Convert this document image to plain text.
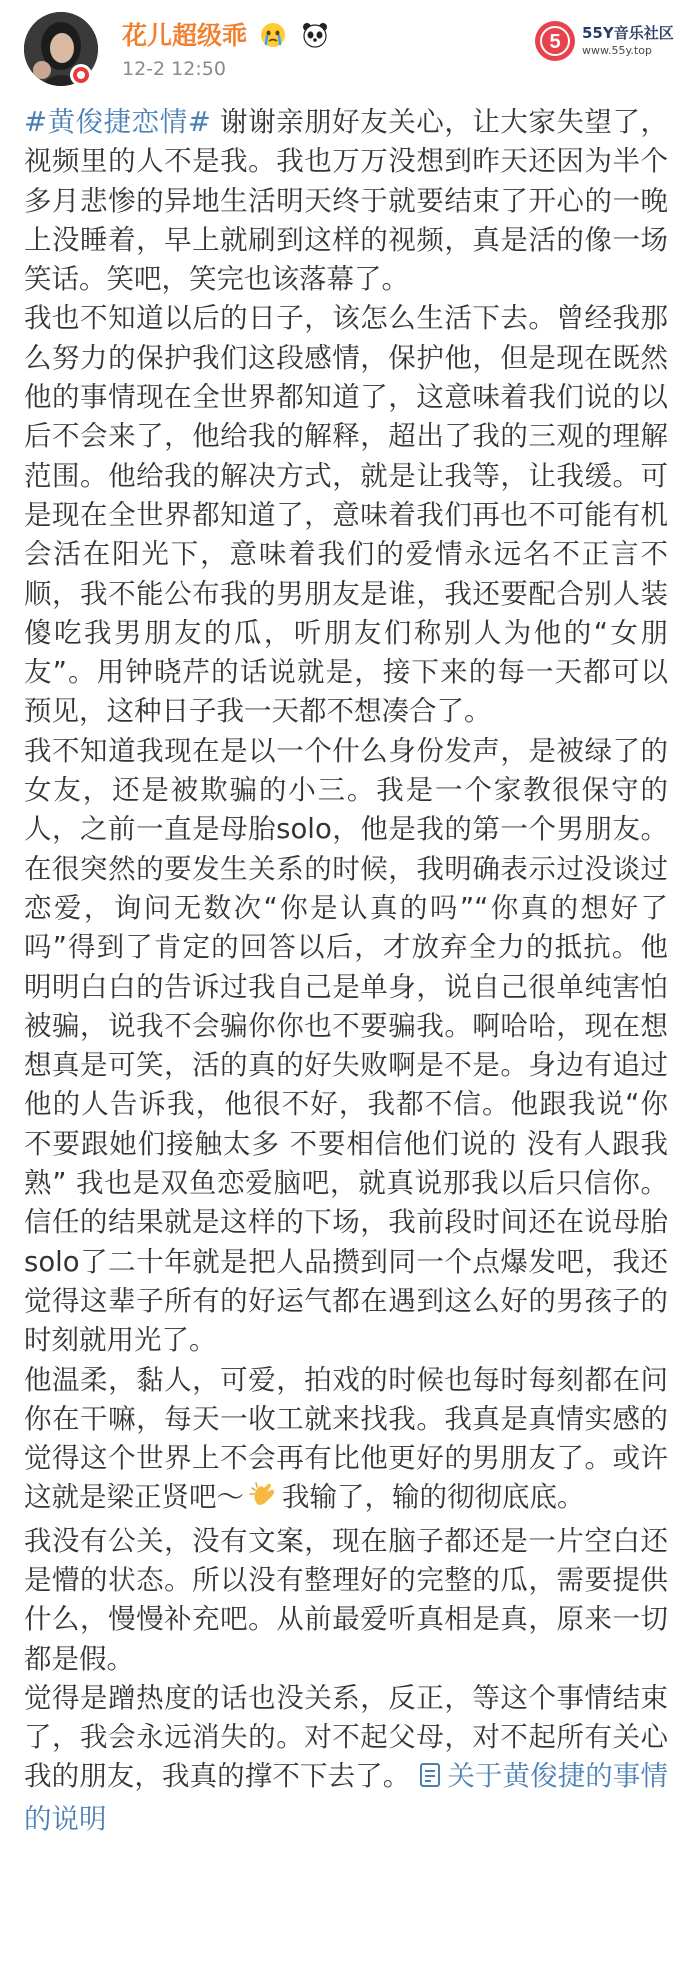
花儿超级乖
12-2 12:50
5 55Y音乐社区
www.55y.top

#黄俊捷恋情# 谢谢亲朋好友关心，让大家失望了，视频里的人不是我。我也万万没想到昨天还因为半个多月悲惨的异地生活明天终于就要结束了开心的一晚上没睡着，早上就刷到这样的视频，真是活的像一场笑话。笑吧，笑完也该落幕了。

我也不知道以后的日子，该怎么生活下去。曾经我那么努力的保护我们这段感情，保护他，但是现在既然他的事情现在全世界都知道了，这意味着我们说的以后不会来了，他给我的解释，超出了我的三观的理解范围。他给我的解决方式，就是让我等，让我缓。可是现在全世界都知道了，意味着我们再也不可能有机会活在阳光下，意味着我们的爱情永远名不正言不顺，我不能公布我的男朋友是谁，我还要配合别人装傻吃我男朋友的瓜，听朋友们称别人为他的“女朋友”。用钟晓芹的话说就是，接下来的每一天都可以预见，这种日子我一天都不想凑合了。

我不知道我现在是以一个什么身份发声，是被绿了的女友，还是被欺骗的小三。我是一个家教很保守的人，之前一直是母胎solo，他是我的第一个男朋友。在很突然的要发生关系的时候，我明确表示过没谈过恋爱，询问无数次“你是认真的吗”“你真的想好了吗”得到了肯定的回答以后，才放弃全力的抵抗。他明明白白的告诉过我自己是单身，说自己很单纯害怕被骗，说我不会骗你你也不要骗我。啊哈哈，现在想想真是可笑，活的真的好失败啊是不是。身边有追过他的人告诉我，他很不好，我都不信。他跟我说“你不要跟她们接触太多 不要相信他们说的 没有人跟我熟” 我也是双鱼恋爱脑吧，就真说那我以后只信你。信任的结果就是这样的下场，我前段时间还在说母胎solo了二十年就是把人品攒到同一个点爆发吧，我还觉得这辈子所有的好运气都在遇到这么好的男孩子的时刻就用光了。

他温柔，黏人，可爱，拍戏的时候也每时每刻都在问你在干嘛，每天一收工就来找我。我真是真情实感的觉得这个世界上不会再有比他更好的男朋友了。或许这就是梁正贤吧～ 我输了，输的彻彻底底。

我没有公关，没有文案，现在脑子都还是一片空白还是懵的状态。所以没有整理好的完整的瓜，需要提供什么，慢慢补充吧。从前最爱听真相是真，原来一切都是假。

觉得是蹭热度的话也没关系，反正，等这个事情结束了，我会永远消失的。对不起父母，对不起所有关心我的朋友，我真的撑不下去了。 关于黄俊捷的事情的说明
